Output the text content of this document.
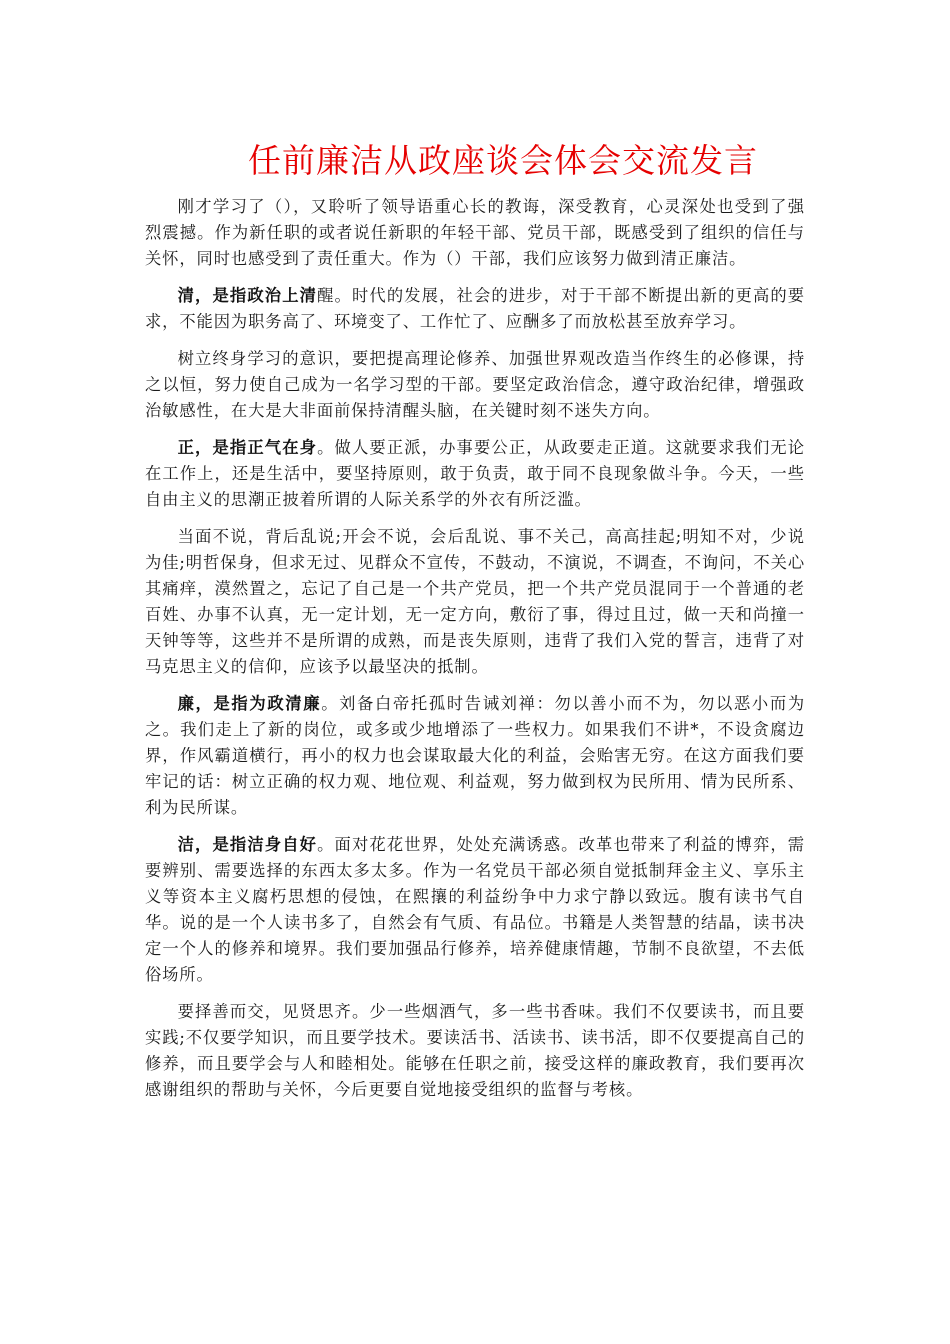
任前廉洁从政座谈会体会交流发言

刚才学习了（），又聆听了领导语重心长的教诲，深受教育，心灵深处也受到了强烈震撼。作为新任职的或者说任新职的年轻干部、党员干部，既感受到了组织的信任与关怀，同时也感受到了责任重大。作为（）干部，我们应该努力做到清正廉洁。

清，是指政治上清醒。时代的发展，社会的进步，对于干部不断提出新的更高的要求，不能因为职务高了、环境变了、工作忙了、应酬多了而放松甚至放弃学习。

树立终身学习的意识，要把提高理论修养、加强世界观改造当作终生的必修课，持之以恒，努力使自己成为一名学习型的干部。要坚定政治信念，遵守政治纪律，增强政治敏感性，在大是大非面前保持清醒头脑，在关键时刻不迷失方向。

正，是指正气在身。做人要正派，办事要公正，从政要走正道。这就要求我们无论在工作上，还是生活中，要坚持原则，敢于负责，敢于同不良现象做斗争。今天，一些自由主义的思潮正披着所谓的人际关系学的外衣有所泛滥。

当面不说，背后乱说;开会不说，会后乱说、事不关己，高高挂起;明知不对，少说为佳;明哲保身，但求无过、见群众不宣传，不鼓动，不演说，不调查，不询问，不关心其痛痒，漠然置之，忘记了自己是一个共产党员，把一个共产党员混同于一个普通的老百姓、办事不认真，无一定计划，无一定方向，敷衍了事，得过且过，做一天和尚撞一天钟等等，这些并不是所谓的成熟，而是丧失原则，违背了我们入党的誓言，违背了对马克思主义的信仰，应该予以最坚决的抵制。

廉，是指为政清廉。刘备白帝托孤时告诫刘禅：勿以善小而不为，勿以恶小而为之。我们走上了新的岗位，或多或少地增添了一些权力。如果我们不讲*，不设贪腐边界，作风霸道横行，再小的权力也会谋取最大化的利益，会贻害无穷。在这方面我们要牢记的话：树立正确的权力观、地位观、利益观，努力做到权为民所用、情为民所系、利为民所谋。

洁，是指洁身自好。面对花花世界，处处充满诱惑。改革也带来了利益的博弈，需要辨别、需要选择的东西太多太多。作为一名党员干部必须自觉抵制拜金主义、享乐主义等资本主义腐朽思想的侵蚀，在熙攘的利益纷争中力求宁静以致远。腹有读书气自华。说的是一个人读书多了，自然会有气质、有品位。书籍是人类智慧的结晶，读书决定一个人的修养和境界。我们要加强品行修养，培养健康情趣，节制不良欲望，不去低俗场所。

要择善而交，见贤思齐。少一些烟酒气，多一些书香味。我们不仅要读书，而且要实践;不仅要学知识，而且要学技术。要读活书、活读书、读书活，即不仅要提高自己的修养，而且要学会与人和睦相处。能够在任职之前，接受这样的廉政教育，我们要再次感谢组织的帮助与关怀，今后更要自觉地接受组织的监督与考核。
